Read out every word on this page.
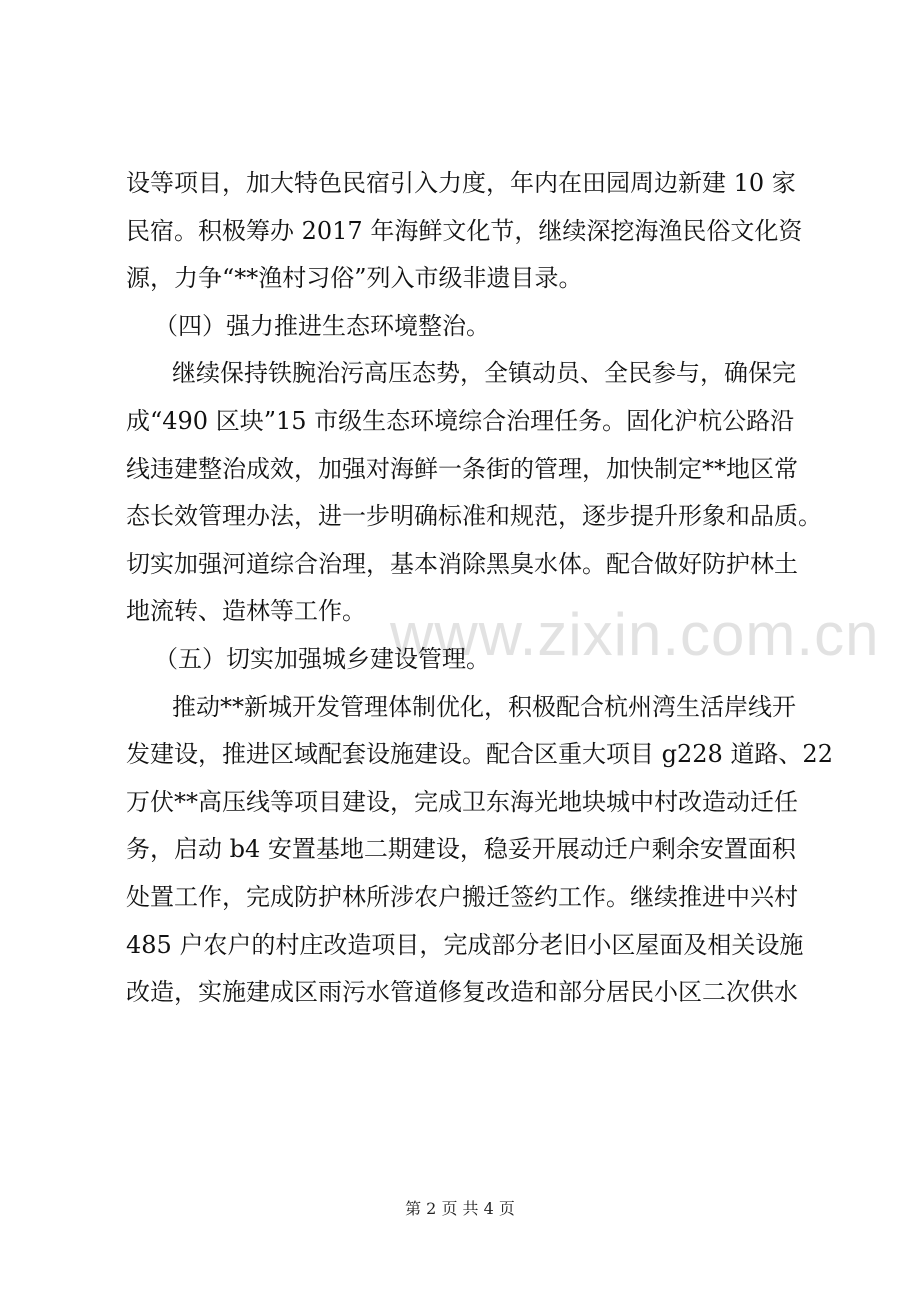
www.zixin.com.cn
设等项目，加大特色民宿引入力度，年内在田园周边新建 10 家
民宿。积极筹办 2017 年海鲜文化节，继续深挖海渔民俗文化资
源，力争“**渔村习俗”列入市级非遗目录。
（四）强力推进生态环境整治。
继续保持铁腕治污高压态势，全镇动员、全民参与，确保完
成“490 区块”15 市级生态环境综合治理任务。固化沪杭公路沿
线违建整治成效，加强对海鲜一条街的管理，加快制定**地区常
态长效管理办法，进一步明确标准和规范，逐步提升形象和品质。
切实加强河道综合治理，基本消除黑臭水体。配合做好防护林土
地流转、造林等工作。
（五）切实加强城乡建设管理。
推动**新城开发管理体制优化，积极配合杭州湾生活岸线开
发建设，推进区域配套设施建设。配合区重大项目 g228 道路、22
万伏**高压线等项目建设，完成卫东海光地块城中村改造动迁任
务，启动 b4 安置基地二期建设，稳妥开展动迁户剩余安置面积
处置工作，完成防护林所涉农户搬迁签约工作。继续推进中兴村
485 户农户的村庄改造项目，完成部分老旧小区屋面及相关设施
改造，实施建成区雨污水管道修复改造和部分居民小区二次供水
第 2 页 共 4 页
